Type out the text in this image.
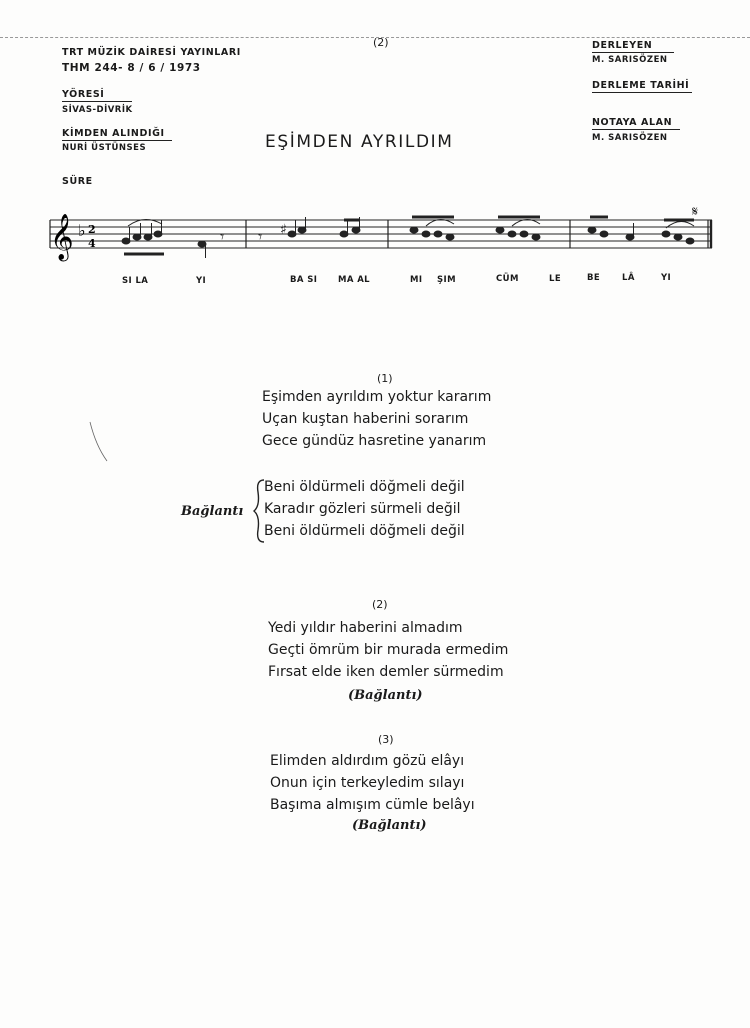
(2)
TRT MÜZİK DAİRESİ YAYINLARI
THM 244- 8 / 6 / 1973
YÖRESİ
SİVAS-DİVRİK
KİMDEN ALINDIĞI
NURİ ÜSTÜNSES
SÜRE
DERLEYEN
M. SARISÖZEN
DERLEME TARİHİ
NOTAYA ALAN
M. SARISÖZEN
EŞİMDEN AYRILDIM
𝄞 ♭ 2
4	𝄾 𝄾 ♯
𝄋
SI LA	YI	BA SI MA AL	MI ŞIM	CÜM	LE	BE	LÂ	YI
(1)
Eşimden ayrıldım yoktur kararım
Uçan kuştan haberini sorarım
Gece gündüz hasretine yanarım
Bağlantı
Beni öldürmeli döğmeli değil
Karadır gözleri sürmeli değil
Beni öldürmeli döğmeli değil
(2)
Yedi yıldır haberini almadım
Geçti ömrüm bir murada ermedim
Fırsat elde iken demler sürmedim
(Bağlantı)
(3)
Elimden aldırdım gözü elâyı
Onun için terkeyledim sılayı
Başıma almışım cümle belâyı
(Bağlantı)
